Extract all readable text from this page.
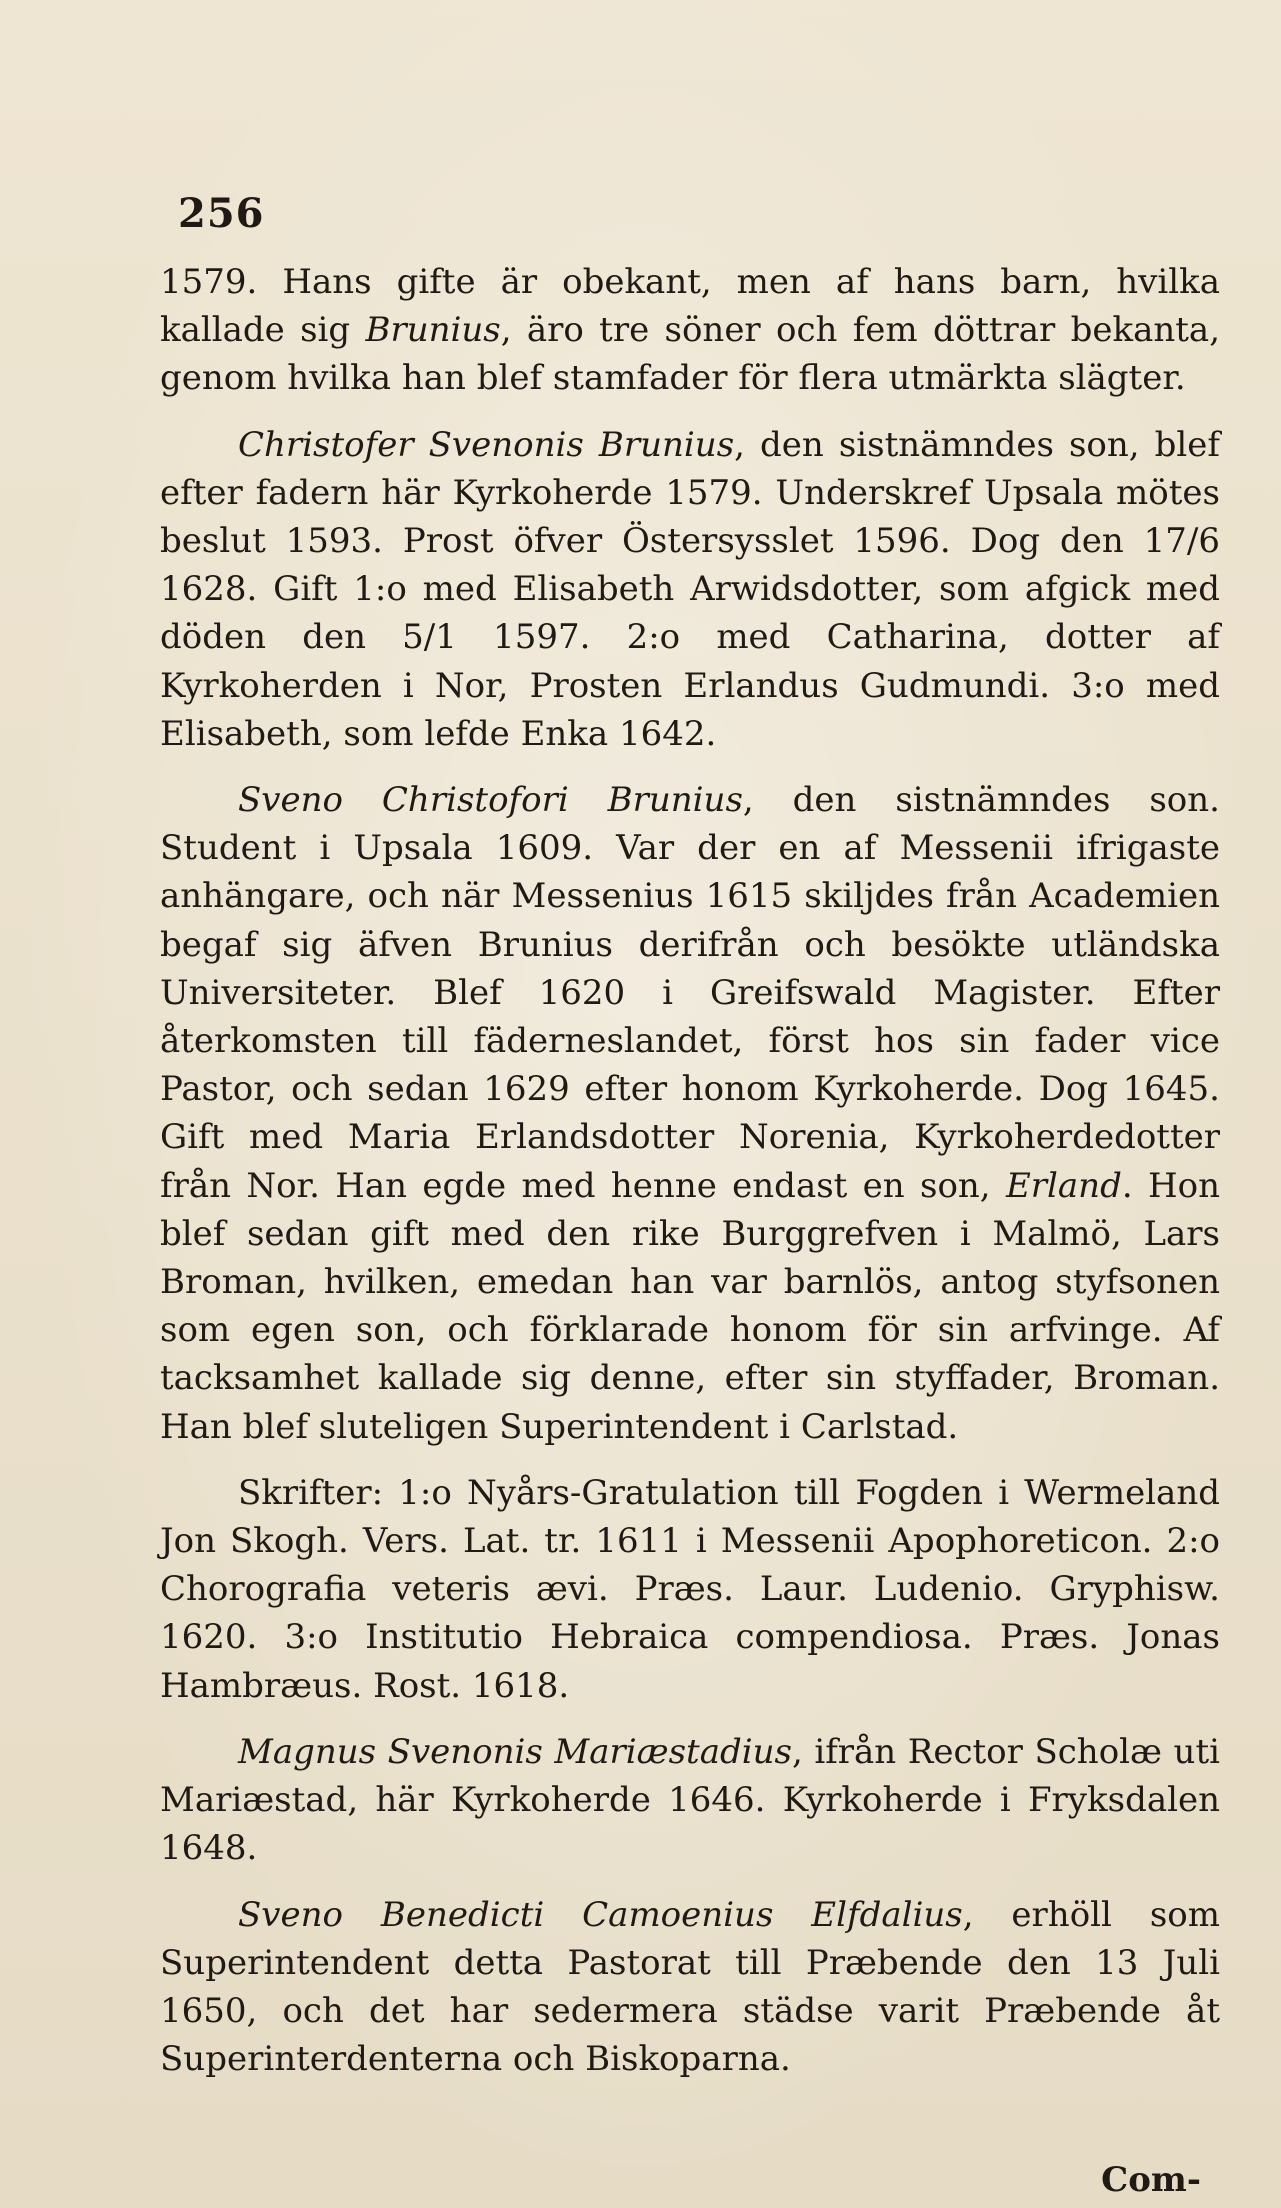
256

1579. Hans gifte är obekant, men af hans barn, hvilka kallade sig Brunius, äro tre söner och fem döttrar bekanta, genom hvilka han blef stamfader för flera utmärkta slägter.

Christofer Svenonis Brunius, den sistnämndes son, blef efter fadern här Kyrkoherde 1579. Underskref Upsala mötes beslut 1593. Prost öfver Östersysslet 1596. Dog den 17/6 1628. Gift 1:o med Elisabeth Arwidsdotter, som afgick med döden den 5/1 1597. 2:o med Catharina, dotter af Kyrkoherden i Nor, Prosten Erlandus Gudmundi. 3:o med Elisabeth, som lefde Enka 1642.

Sveno Christofori Brunius, den sistnämndes son. Student i Upsala 1609. Var der en af Messenii ifrigaste anhängare, och när Messenius 1615 skiljdes från Academien begaf sig äfven Brunius derifrån och besökte utländska Universiteter. Blef 1620 i Greifswald Magister. Efter återkomsten till fäderneslandet, först hos sin fader vice Pastor, och sedan 1629 efter honom Kyrkoherde. Dog 1645. Gift med Maria Erlandsdotter Norenia, Kyrkoherdedotter från Nor. Han egde med henne endast en son, Erland. Hon blef sedan gift med den rike Burggrefven i Malmö, Lars Broman, hvilken, emedan han var barnlös, antog styfsonen som egen son, och förklarade honom för sin arfvinge. Af tacksamhet kallade sig denne, efter sin styffader, Broman. Han blef sluteligen Superintendent i Carlstad.

Skrifter: 1:o Nyårs-Gratulation till Fogden i Wermeland Jon Skogh. Vers. Lat. tr. 1611 i Messenii Apophoreticon. 2:o Chorografia veteris ævi. Præs. Laur. Ludenio. Gryphisw. 1620. 3:o Institutio Hebraica compendiosa. Præs. Jonas Hambræus. Rost. 1618.

Magnus Svenonis Mariæstadius, ifrån Rector Scholæ uti Mariæstad, här Kyrkoherde 1646. Kyrkoherde i Fryksdalen 1648.

Sveno Benedicti Camoenius Elfdalius, erhöll som Superintendent detta Pastorat till Præbende den 13 Juli 1650, och det har sedermera städse varit Præbende åt Superinterdenterna och Biskoparna.

Com-
